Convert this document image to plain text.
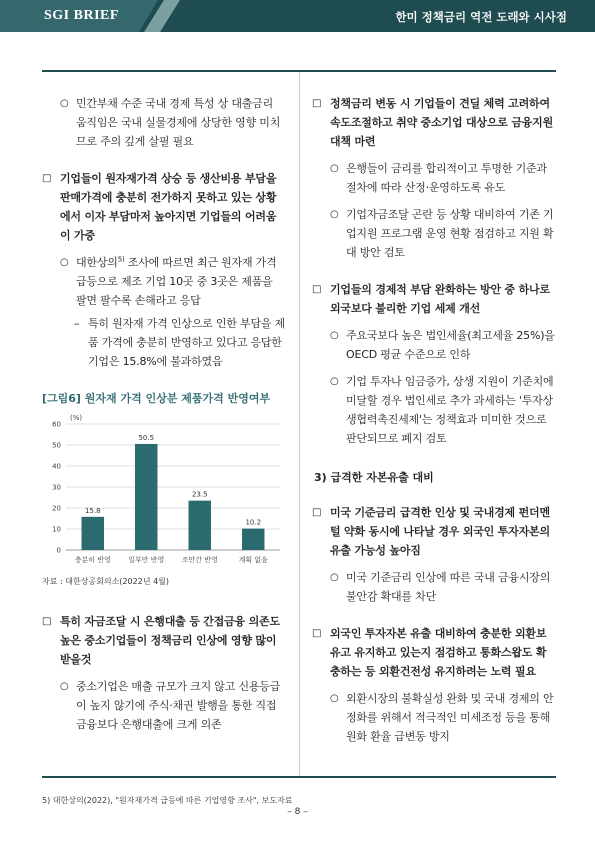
SGI BRIEF	한미 정책금리 역전 도래와 시사점
○ 민간부채 수준 국내 경제 특성 상 대출금리 움직임은 국내 실물경제에 상당한 영향 미치므로 주의 깊게 살필 필요
□ 기업들이 원자재가격 상승 등 생산비용 부담을 판매가격에 충분히 전가하지 못하고 있는 상황에서 이자 부담마저 높아지면 기업들의 어려움이 가중
○ 대한상의$^{5)}$ 조사에 따르면 최근 원자재 가격 급등으로 제조 기업 10곳 중 3곳은 제품을 팔면 팔수록 손해라고 응답
– 특히 원자재 가격 인상으로 인한 부담을 제품 가격에 충분히 반영하고 있다고 응답한 기업은 15.8%에 불과하였음
[그림6] 원자재 가격 인상분 제품가격 반영여부
(%)
0
10
20
30
40
50
60
15.8
충분히 반영
50.5
일부만 반영
23.5
조만간 반영
10.2
계획 없음
자료 : 대한상공회의소(2022년 4월)
□ 특히 자금조달 시 은행대출 등 간접금융 의존도 높은 중소기업들이 정책금리 인상에 영향 많이 받을것
○ 중소기업은 매출 규모가 크지 않고 신용등급이 높지 않기에 주식·채권 발행을 통한 직접금융보다 은행대출에 크게 의존
□ 정책금리 변동 시 기업들이 견딜 체력 고려하여 속도조절하고 취약 중소기업 대상으로 금융지원 대책 마련
○ 은행들이 금리를 합리적이고 투명한 기준과 절차에 따라 산정·운영하도록 유도
○ 기업자금조달 곤란 등 상황 대비하여 기존 기업지원 프로그램 운영 현황 점검하고 지원 확대 방안 검토
□ 기업들의 경제적 부담 완화하는 방안 중 하나로 외국보다 불리한 기업 세제 개선
○ 주요국보다 높은 법인세율(최고세율 25%)을 OECD 평균 수준으로 인하
○ 기업 투자나 임금증가, 상생 지원이 기준치에 미달할 경우 법인세로 추가 과세하는 '투자상생협력촉진세제'는 정책효과 미미한 것으로 판단되므로 폐지 검토
3) 급격한 자본유출 대비
□ 미국 기준금리 급격한 인상 및 국내경제 펀더멘털 약화 동시에 나타날 경우 외국인 투자자본의 유출 가능성 높아짐
○ 미국 기준금리 인상에 따른 국내 금융시장의 불안감 확대를 차단
□ 외국인 투자자본 유출 대비하여 충분한 외환보유고 유지하고 있는지 점검하고 통화스왑도 확충하는 등 외환건전성 유지하려는 노력 필요
○ 외환시장의 불확실성 완화 및 국내 경제의 안정화를 위해서 적극적인 미세조정 등을 통해 원화 환율 급변동 방지
5) 대한상의(2022), "원자재가격 급등에 따른 기업영향 조사", 보도자료
– 8 –
